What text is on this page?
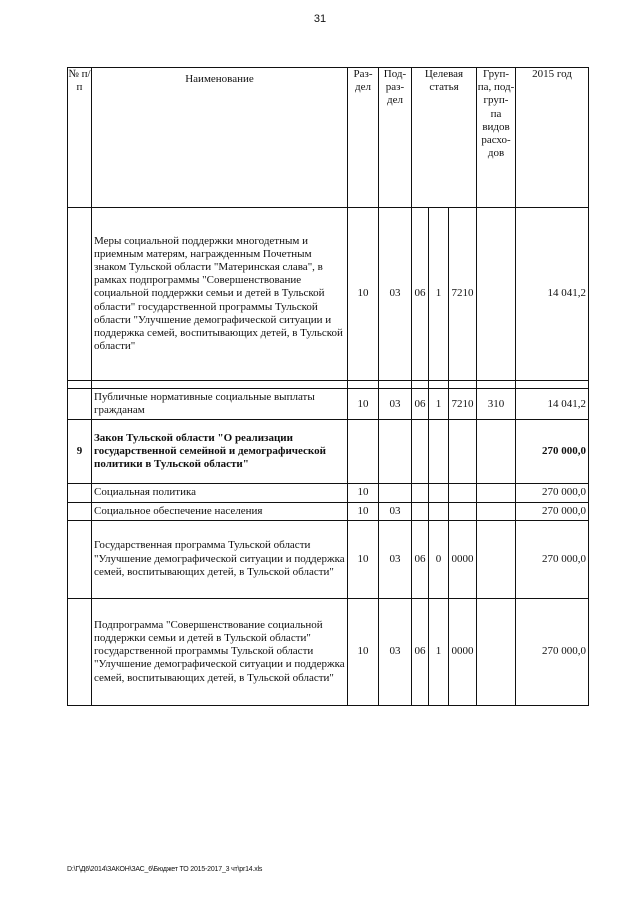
31
№ п/п	Наименование	Раз- дел	Под- раз- дел	Целевая статья			Груп- па, под- груп- па видов расхо- дов	2015 год
	Меры социальной поддержки многодетным и приемным матерям, награжденным Почетным знаком Тульской области "Материнская слава", в рамках подпрограммы "Совершенствование социальной поддержки семьи и детей в Тульской области" государственной программы Тульской области "Улучшение демографической ситуации и поддержка семей, воспитывающих детей, в Тульской области"	10	03	06	1	7210		14 041,2

	Публичные нормативные социальные выплаты гражданам	10	03	06	1	7210	310	14 041,2
9	Закон Тульской области "О реализации государственной семейной и демографической политики в Тульской области"							270 000,0
	Социальная политика	10						270 000,0
	Социальное обеспечение населения	10	03					270 000,0
	Государственная программа Тульской области "Улучшение демографической ситуации и поддержка семей, воспитывающих детей, в Тульской области"	10	03	06	0	0000		270 000,0
	Подпрограмма "Совершенствование социальной поддержки семьи и детей в Тульской области" государственной программы Тульской области "Улучшение демографической ситуации и поддержка семей, воспитывающих детей, в Тульской области"	10	03	06	1	0000		270 000,0
D:\Г\Д6\2014\ЗАКОН\ЗАС_6\Бюджет ТО 2015-2017_3 чт\pr14.xls
